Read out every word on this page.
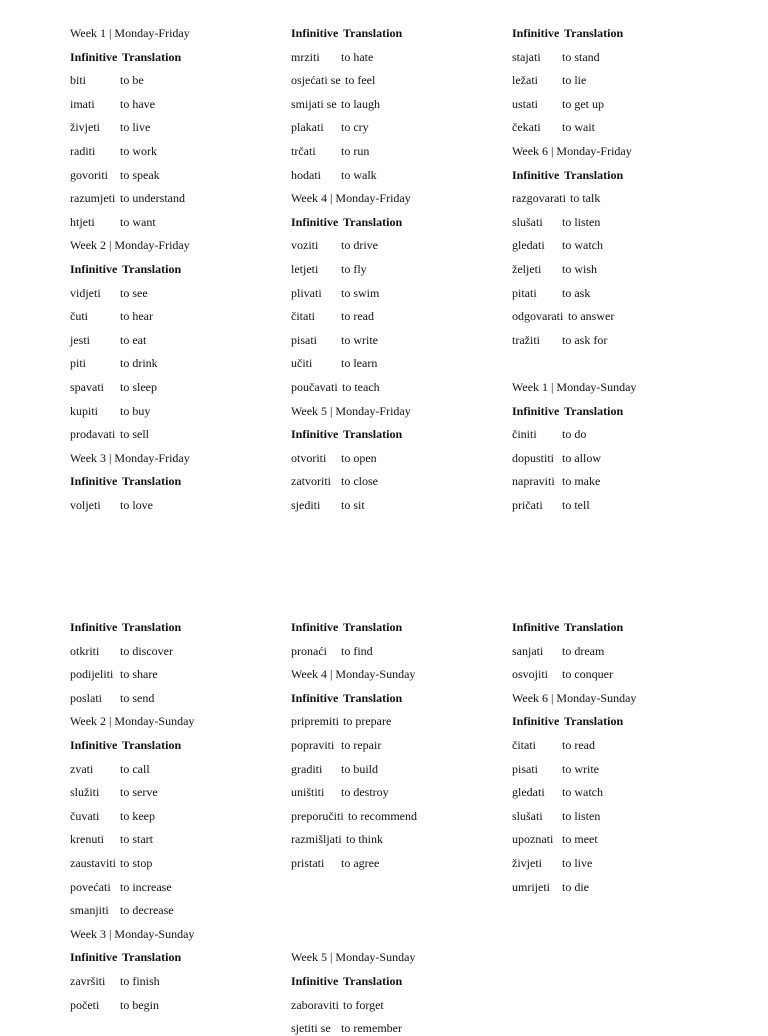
Week 1 | Monday-Friday
Infinitive Translation
biti	to be
imati to have
živjeti to live
raditi to work
govoriti to speak
razumjeti to understand
htjeti to want
Week 2 | Monday-Friday
Infinitive Translation
vidjeti to see
čuti	to hear
jesti	to eat
piti	to drink
spavati to sleep
kupiti to buy
prodavati to sell
Week 3 | Monday-Friday
Infinitive Translation
voljeti to love
Infinitive Translation
mrziti to hate
osjećati se to feel
smijati se to laugh
plakati to cry
trčati to run
hodati to walk
Week 4 | Monday-Friday
Infinitive Translation
voziti to drive
letjeti to fly
plivati to swim
čitati to read
pisati to write
učiti to learn
poučavati to teach
Week 5 | Monday-Friday
Infinitive Translation
otvoriti to open
zatvoriti to close
sjediti to sit
Infinitive Translation
stajati to stand
ležati to lie
ustati to get up
čekati to wait
Week 6 | Monday-Friday
Infinitive Translation
razgovarati to talk
slušati to listen
gledati to watch
željeti to wish
pitati to ask
odgovarati to answer
tražiti to ask for
Week 1 | Monday-Sunday
Infinitive Translation
činiti to do
dopustiti to allow
napraviti to make
pričati to tell
Infinitive Translation
otkriti to discover
podijeliti to share
poslati to send
Week 2 | Monday-Sunday
Infinitive Translation
zvati to call
služiti to serve
čuvati to keep
krenuti to start
zaustaviti to stop
povećati to increase
smanjiti to decrease
Week 3 | Monday-Sunday
Infinitive Translation
završiti to finish
početi to begin
Infinitive Translation
pronaći to find
Week 4 | Monday-Sunday
Infinitive Translation
pripremiti to prepare
popraviti to repair
graditi to build
uništiti to destroy
preporučiti to recommend
razmišljati to think
pristati to agree
Week 5 | Monday-Sunday
Infinitive Translation
zaboraviti to forget
sjetiti se to remember
Infinitive Translation
sanjati to dream
osvojiti to conquer
Week 6 | Monday-Sunday
Infinitive Translation
čitati to read
pisati to write
gledati to watch
slušati to listen
upoznati to meet
živjeti to live
umrijeti to die
